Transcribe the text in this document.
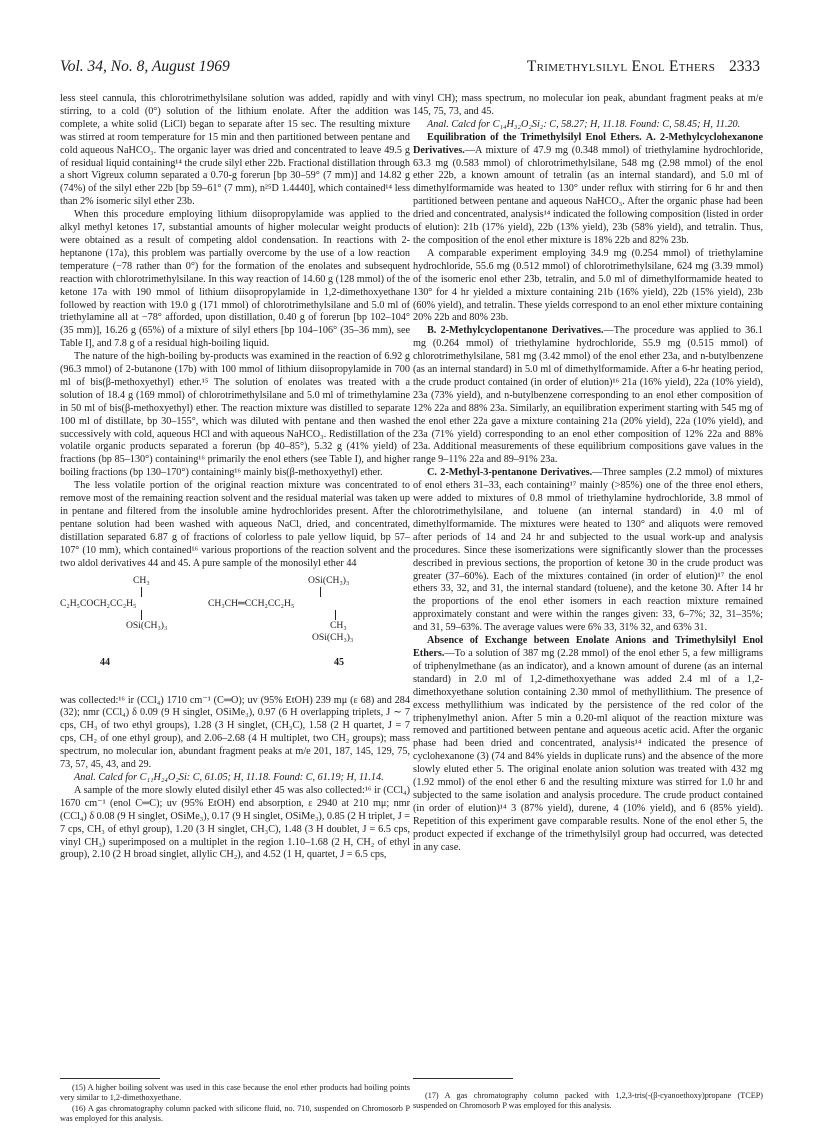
Vol. 34, No. 8, August 1969	Trimethylsilyl Enol Ethers 2333

less steel cannula, this chlorotrimethylsilane solution was added, rapidly and with stirring, to a cold (0°) solution of the lithium enolate. After the addition was complete, a white solid (LiCl) began to separate after 15 sec. The resulting mixture was stirred at room temperature for 15 min and then partitioned between pentane and cold aqueous NaHCO₃. The organic layer was dried and concentrated to leave 49.5 g of residual liquid containing¹⁴ the crude silyl ether 22b. Fractional distillation through a short Vigreux column separated a 0.70-g forerun [bp 30–59° (7 mm)] and 14.82 g (74%) of the silyl ether 22b [bp 59–61° (7 mm), n²⁵D 1.4440], which contained¹⁴ less than 2% isomeric silyl ether 23b.

When this procedure employing lithium diisopropylamide was applied to the alkyl methyl ketones 17, substantial amounts of higher molecular weight products were obtained as a result of competing aldol condensation. In reactions with 2-heptanone (17a), this problem was partially overcome by the use of a low reaction temperature (−78 rather than 0°) for the formation of the enolates and subsequent reaction with chlorotrimethylsilane. In this way reaction of 14.60 g (128 mmol) of the ketone 17a with 190 mmol of lithium diisopropylamide in 1,2-dimethoxyethane followed by reaction with 19.0 g (171 mmol) of chlorotrimethylsilane and 5.0 ml of triethylamine all at −78° afforded, upon distillation, 0.40 g of forerun [bp 102–104° (35 mm)], 16.26 g (65%) of a mixture of silyl ethers [bp 104–106° (35–36 mm), see Table I], and 7.8 g of a residual high-boiling liquid.

The nature of the high-boiling by-products was examined in the reaction of 6.92 g (96.3 mmol) of 2-butanone (17b) with 100 mmol of lithium diisopropylamide in 700 ml of bis(β-methoxyethyl) ether.¹⁵ The solution of enolates was treated with a solution of 18.4 g (169 mmol) of chlorotrimethylsilane and 5.0 ml of trimethylamine in 50 ml of bis(β-methoxyethyl) ether. The reaction mixture was distilled to separate 100 ml of distillate, bp 30–155°, which was diluted with pentane and then washed successively with cold, aqueous HCl and with aqueous NaHCO₃. Redistillation of the volatile organic products separated a forerun (bp 40–85°), 5.32 g (41% yield) of fractions (bp 85–130°) containing¹⁶ primarily the enol ethers (see Table I), and higher boiling fractions (bp 130–170°) containing¹⁶ mainly bis(β-methoxyethyl) ether.

The less volatile portion of the original reaction mixture was concentrated to remove most of the remaining reaction solvent and the residual material was taken up in pentane and filtered from the insoluble amine hydrochlorides present. After the pentane solution had been washed with aqueous NaCl, dried, and concentrated, distillation separated 6.87 g of fractions of colorless to pale yellow liquid, bp 57–107° (10 mm), which contained¹⁶ various proportions of the reaction solvent and the two aldol derivatives 44 and 45. A pure sample of the monosilyl ether 44

CH₃
C₂H₅COCH₂CC₂H₅
OSi(CH₃)₃
44
OSi(CH₃)₃
CH₃CH═CCH₂CC₂H₅
CH₃
OSi(CH₃)₃
45

was collected:¹⁶ ir (CCl₄) 1710 cm⁻¹ (C═O); uv (95% EtOH) 239 mμ (ε 68) and 284 (32); nmr (CCl₄) δ 0.09 (9 H singlet, OSiMe₃), 0.97 (6 H overlapping triplets, J ∼ 7 cps, CH₃ of two ethyl groups), 1.28 (3 H singlet, (CH₃C), 1.58 (2 H quartet, J = 7 cps, CH₂ of one ethyl group), and 2.06–2.68 (4 H multiplet, two CH₂ groups); mass spectrum, no molecular ion, abundant fragment peaks at m/e 201, 187, 145, 129, 75, 73, 57, 45, 43, and 29.

Anal. Calcd for C₁₁H₂₄O₂Si: C, 61.05; H, 11.18. Found: C, 61.19; H, 11.14.

A sample of the more slowly eluted disilyl ether 45 was also collected:¹⁶ ir (CCl₄) 1670 cm⁻¹ (enol C═C); uv (95% EtOH) end absorption, ε 2940 at 210 mμ; nmr (CCl₄) δ 0.08 (9 H singlet, OSiMe₃), 0.17 (9 H singlet, OSiMe₃), 0.85 (2 H triplet, J = 7 cps, CH₃ of ethyl group), 1.20 (3 H singlet, CH₃C), 1.48 (3 H doublet, J = 6.5 cps, vinyl CH₃) superimposed on a multiplet in the region 1.10–1.68 (2 H, CH₂ of ethyl group), 2.10 (2 H broad singlet, allylic CH₂), and 4.52 (1 H, quartet, J = 6.5 cps,

vinyl CH); mass spectrum, no molecular ion peak, abundant fragment peaks at m/e 145, 75, 73, and 45.

Anal. Calcd for C₁₄H₃₂O₂Si₂: C, 58.27; H, 11.18. Found: C, 58.45; H, 11.20.

Equilibration of the Trimethylsilyl Enol Ethers. A. 2-Methylcyclohexanone Derivatives.—A mixture of 47.9 mg (0.348 mmol) of triethylamine hydrochloride, 63.3 mg (0.583 mmol) of chlorotrimethylsilane, 548 mg (2.98 mmol) of the enol ether 22b, a known amount of tetralin (as an internal standard), and 5.0 ml of dimethylformamide was heated to 130° under reflux with stirring for 6 hr and then partitioned between pentane and aqueous NaHCO₃. After the organic phase had been dried and concentrated, analysis¹⁴ indicated the following composition (listed in order of elution): 21b (17% yield), 22b (13% yield), 23b (58% yield), and tetralin. Thus, the composition of the enol ether mixture is 18% 22b and 82% 23b.

A comparable experiment employing 34.9 mg (0.254 mmol) of triethylamine hydrochloride, 55.6 mg (0.512 mmol) of chlorotrimethylsilane, 624 mg (3.39 mmol) of the isomeric enol ether 23b, tetralin, and 5.0 ml of dimethylformamide heated to 130° for 4 hr yielded a mixture containing 21b (16% yield), 22b (15% yield), 23b (60% yield), and tetralin. These yields correspond to an enol ether mixture containing 20% 22b and 80% 23b.

B. 2-Methylcyclopentanone Derivatives.—The procedure was applied to 36.1 mg (0.264 mmol) of triethylamine hydrochloride, 55.9 mg (0.515 mmol) of chlorotrimethylsilane, 581 mg (3.42 mmol) of the enol ether 23a, and n-butylbenzene (as an internal standard) in 5.0 ml of dimethylformamide. After a 6-hr heating period, the crude product contained (in order of elution)¹⁶ 21a (16% yield), 22a (10% yield), 23a (73% yield), and n-butylbenzene corresponding to an enol ether composition of 12% 22a and 88% 23a. Similarly, an equilibration experiment starting with 545 mg of the enol ether 22a gave a mixture containing 21a (20% yield), 22a (10% yield), and 23a (71% yield) corresponding to an enol ether composition of 12% 22a and 88% 23a. Additional measurements of these equilibrium compositions gave values in the range 9–11% 22a and 89–91% 23a.

C. 2-Methyl-3-pentanone Derivatives.—Three samples (2.2 mmol) of mixtures of enol ethers 31–33, each containing¹⁷ mainly (>85%) one of the three enol ethers, were added to mixtures of 0.8 mmol of triethylamine hydrochloride, 3.8 mmol of chlorotrimethylsilane, and toluene (an internal standard) in 4.0 ml of dimethylformamide. The mixtures were heated to 130° and aliquots were removed after periods of 14 and 24 hr and subjected to the usual work-up and analysis procedures. Since these isomerizations were significantly slower than the processes described in previous sections, the proportion of ketone 30 in the crude product was greater (37–60%). Each of the mixtures contained (in order of elution)¹⁷ the enol ethers 33, 32, and 31, the internal standard (toluene), and the ketone 30. After 14 hr the proportions of the enol ether isomers in each reaction mixture remained approximately constant and were within the ranges given: 33, 6–7%; 32, 31–35%; and 31, 59–63%. The average values were 6% 33, 31% 32, and 63% 31.

Absence of Exchange between Enolate Anions and Trimethylsilyl Enol Ethers.—To a solution of 387 mg (2.28 mmol) of the enol ether 5, a few milligrams of triphenylmethane (as an indicator), and a known amount of durene (as an internal standard) in 2.0 ml of 1,2-dimethoxyethane was added 2.4 ml of a 1,2-dimethoxyethane solution containing 2.30 mmol of methyllithium. The presence of excess methyllithium was indicated by the persistence of the red color of the triphenylmethyl anion. After 5 min a 0.20-ml aliquot of the reaction mixture was removed and partitioned between pentane and aqueous acetic acid. After the organic phase had been dried and concentrated, analysis¹⁴ indicated the presence of cyclohexanone (3) (74 and 84% yields in duplicate runs) and the absence of the more slowly eluted ether 5. The original enolate anion solution was treated with 432 mg (1.92 mmol) of the enol ether 6 and the resulting mixture was stirred for 1.0 hr and subjected to the same isolation and analysis procedure. The crude product contained (in order of elution)¹⁴ 3 (87% yield), durene, 4 (10% yield), and 6 (85% yield). Repetition of this experiment gave comparable results. None of the enol ether 5, the product expected if exchange of the trimethylsilyl group had occurred, was detected in any case.

(15) A higher boiling solvent was used in this case because the enol ether products had boiling points very similar to 1,2-dimethoxyethane.

(16) A gas chromatography column packed with silicone fluid, no. 710, suspended on Chromosorb P was employed for this analysis.

(17) A gas chromatography column packed with 1,2,3-tris(-(β-cyanoethoxy)propane (TCEP) suspended on Chromosorb P was employed for this analysis.
